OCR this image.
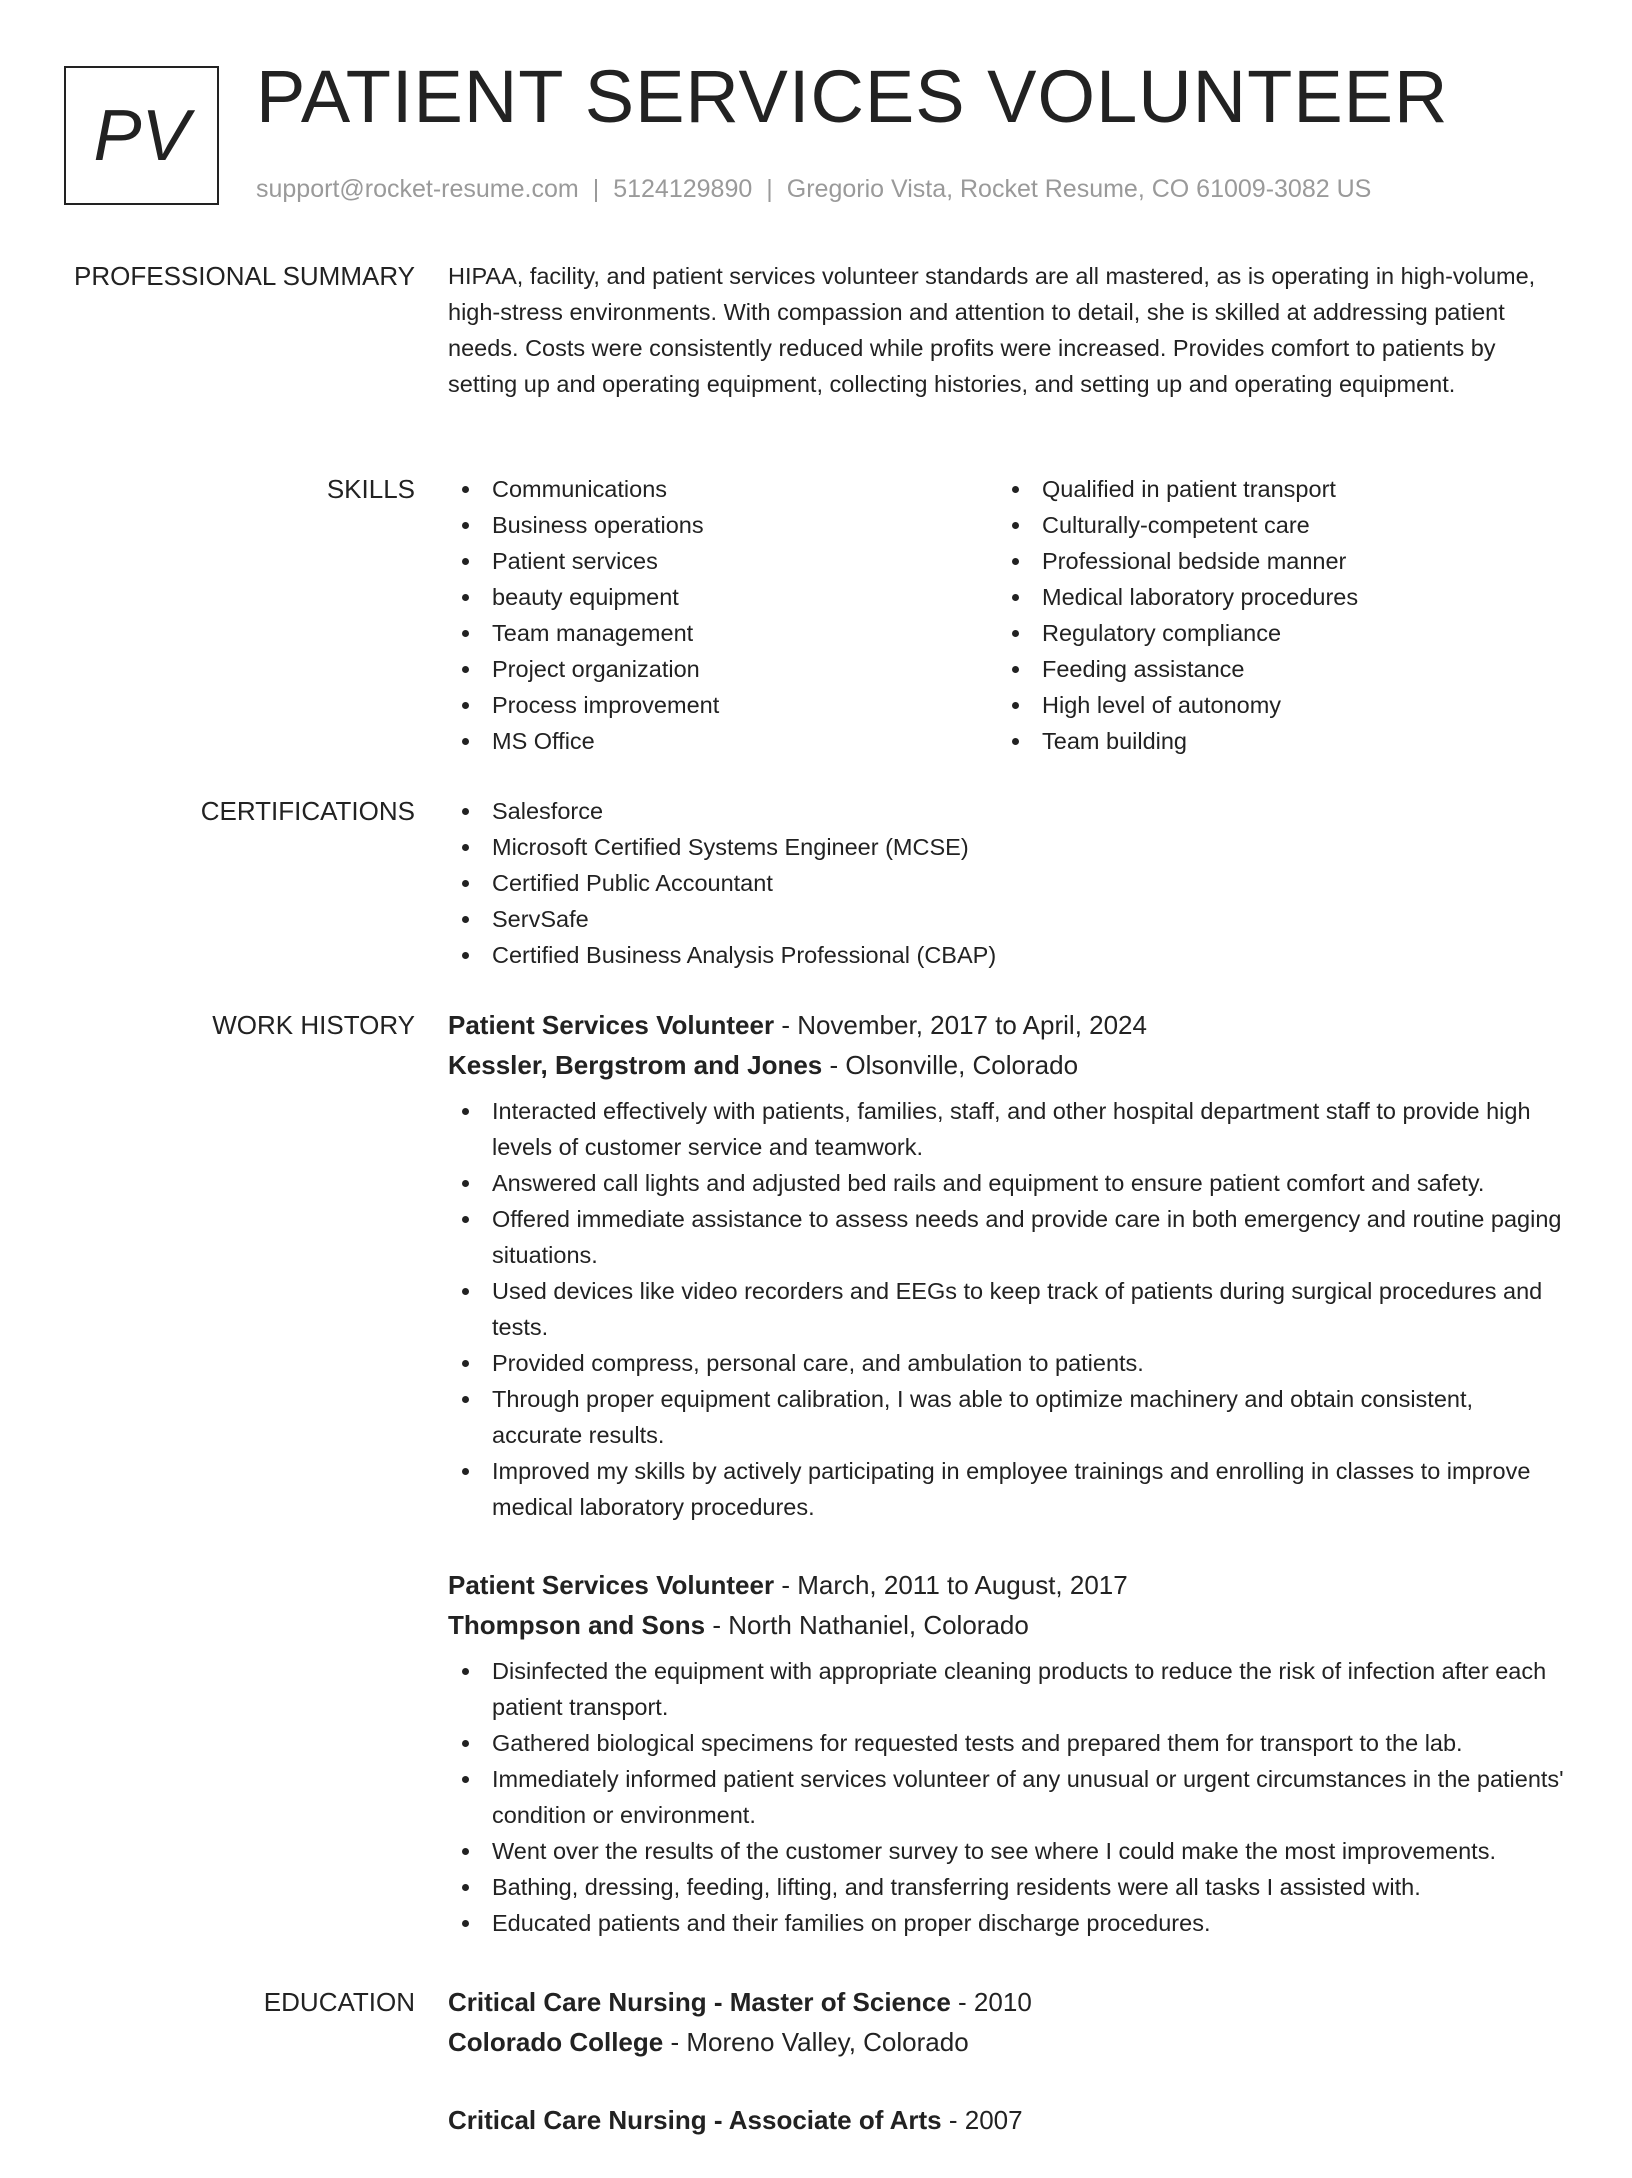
PV PATIENT SERVICES VOLUNTEER
support@rocket-resume.com | 5124129890 | Gregorio Vista, Rocket Resume, CO 61009-3082 US
PROFESSIONAL SUMMARY HIPAA, facility, and patient services volunteer standards are all mastered, as is operating in high-volume, high-stress environments. With compassion and attention to detail, she is skilled at addressing patient needs. Costs were consistently reduced while profits were increased. Provides comfort to patients by setting up and operating equipment, collecting histories, and setting up and operating equipment.
SKILLS	Communications
Business operations
Patient services
beauty equipment
Team management
Project organization
Process improvement
MS Office
Qualified in patient transport
Culturally-competent care
Professional bedside manner
Medical laboratory procedures
Regulatory compliance
Feeding assistance
High level of autonomy
Team building
CERTIFICATIONS	Salesforce
Microsoft Certified Systems Engineer (MCSE)
Certified Public Accountant
ServSafe
Certified Business Analysis Professional (CBAP)
WORK HISTORY Patient Services Volunteer - November, 2017 to April, 2024
Kessler, Bergstrom and Jones - Olsonville, Colorado
Interacted effectively with patients, families, staff, and other hospital department staff to provide high levels of customer service and teamwork.
Answered call lights and adjusted bed rails and equipment to ensure patient comfort and safety.
Offered immediate assistance to assess needs and provide care in both emergency and routine paging situations.
Used devices like video recorders and EEGs to keep track of patients during surgical procedures and tests.
Provided compress, personal care, and ambulation to patients.
Through proper equipment calibration, I was able to optimize machinery and obtain consistent, accurate results.
Improved my skills by actively participating in employee trainings and enrolling in classes to improve medical laboratory procedures.
Patient Services Volunteer - March, 2011 to August, 2017
Thompson and Sons - North Nathaniel, Colorado
Disinfected the equipment with appropriate cleaning products to reduce the risk of infection after each patient transport.
Gathered biological specimens for requested tests and prepared them for transport to the lab.
Immediately informed patient services volunteer of any unusual or urgent circumstances in the patients' condition or environment.
Went over the results of the customer survey to see where I could make the most improvements.
Bathing, dressing, feeding, lifting, and transferring residents were all tasks I assisted with.
Educated patients and their families on proper discharge procedures.
EDUCATION Critical Care Nursing - Master of Science - 2010
Colorado College - Moreno Valley, Colorado
Critical Care Nursing - Associate of Arts - 2007
